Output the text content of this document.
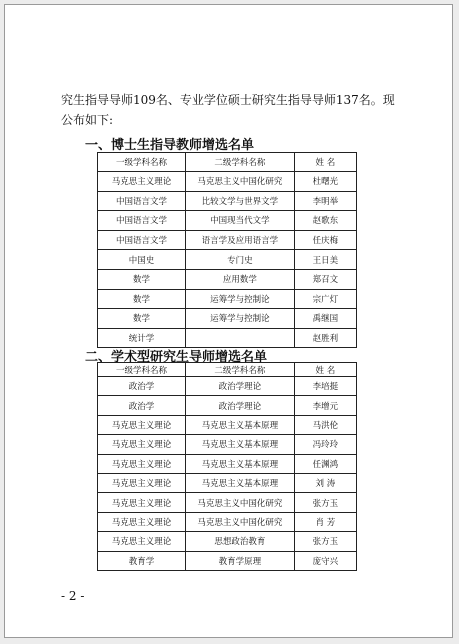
究生指导导师109名、专业学位硕士研究生指导导师137名。现
公布如下:
一、博士生指导教师增选名单
一级学科名称	二级学科名称	姓 名
马克思主义理论	马克思主义中国化研究	杜曙光
中国语言文学	比较文学与世界文学	李明举
中国语言文学	中国现当代文学	赵歌东
中国语言文学	语言学及应用语言学	任庆梅
中国史	专门史	王日美
数学	应用数学	郑召文
数学	运筹学与控制论	宗广灯
数学	运筹学与控制论	禹继国
统计学		赵胜利
二、学术型研究生导师增选名单
一级学科名称	二级学科名称	姓 名
政治学	政治学理论	李培挺
政治学	政治学理论	李增元
马克思主义理论	马克思主义基本原理	马洪伦
马克思主义理论	马克思主义基本原理	冯玲玲
马克思主义理论	马克思主义基本原理	任渊鸿
马克思主义理论	马克思主义基本原理	刘 涛
马克思主义理论	马克思主义中国化研究	张方玉
马克思主义理论	马克思主义中国化研究	肖 芳
马克思主义理论	思想政治教育	张方玉
教育学	教育学原理	庞守兴
- 2 -
